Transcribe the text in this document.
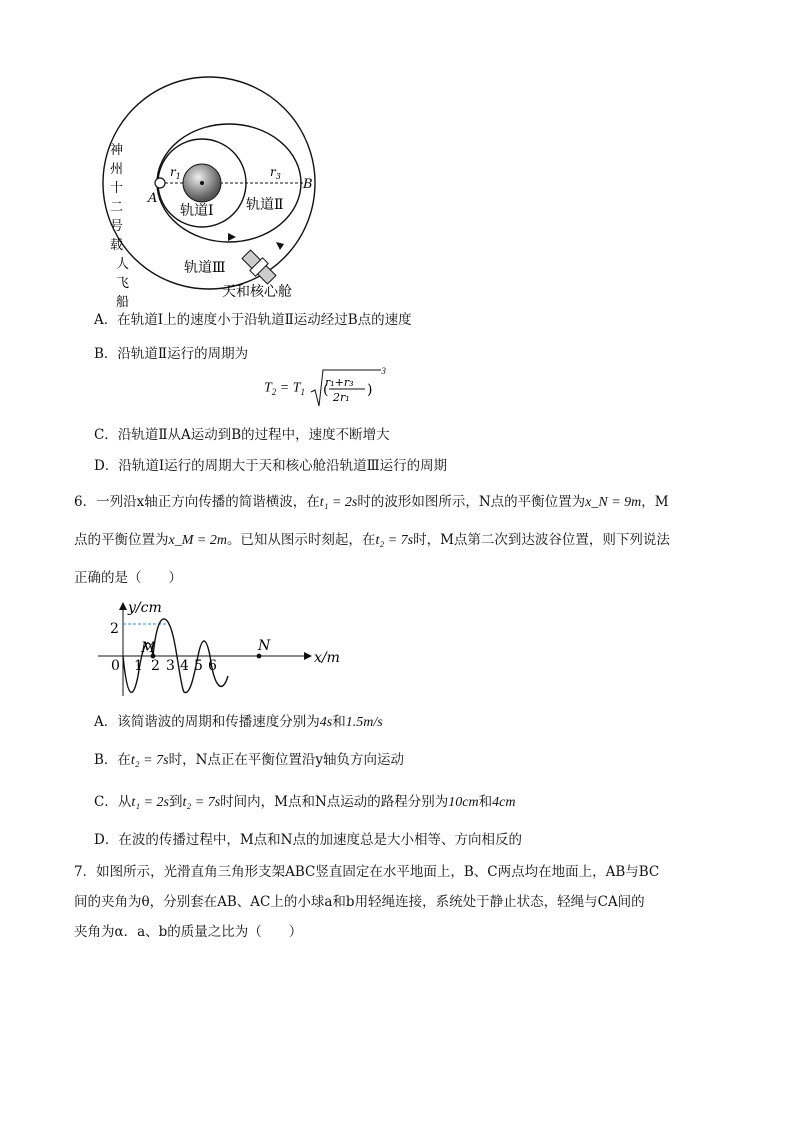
神州十二号载人飞船
A
B
$r_1$	$r_3$
轨道Ⅰ 轨道Ⅱ
轨道Ⅲ
天和核心舱
A．在轨道Ⅰ上的速度小于沿轨道Ⅱ运动经过B点的速度
B．沿轨道Ⅱ运行的周期为
$T_2 = T_1$
r₁+r₃
2r₁
(	)
$^3$
C．沿轨道Ⅱ从A运动到B的过程中，速度不断增大
D．沿轨道Ⅰ运行的周期大于天和核心舱沿轨道Ⅲ运行的周期
6．一列沿x轴正方向传播的简谐横波，在t₁ = 2s时的波形如图所示，N点的平衡位置为x_N = 9m，M
点的平衡位置为x_M = 2m。已知从图示时刻起，在t₂ = 7s时，M点第二次到达波谷位置，则下列说法
正确的是（　　）
y/cm
x/m
2
M	N
0 1 2 3 4 5 6
A．该简谐波的周期和传播速度分别为4s和1.5m/s
B．在t₂ = 7s时，N点正在平衡位置沿y轴负方向运动
C．从t₁ = 2s到t₂ = 7s时间内，M点和N点运动的路程分别为10cm和4cm
D．在波的传播过程中，M点和N点的加速度总是大小相等、方向相反的
7．如图所示，光滑直角三角形支架ABC竖直固定在水平地面上，B、C两点均在地面上，AB与BC
间的夹角为θ，分别套在AB、AC上的小球a和b用轻绳连接，系统处于静止状态，轻绳与CA间的
夹角为α．a、b的质量之比为（　　）
